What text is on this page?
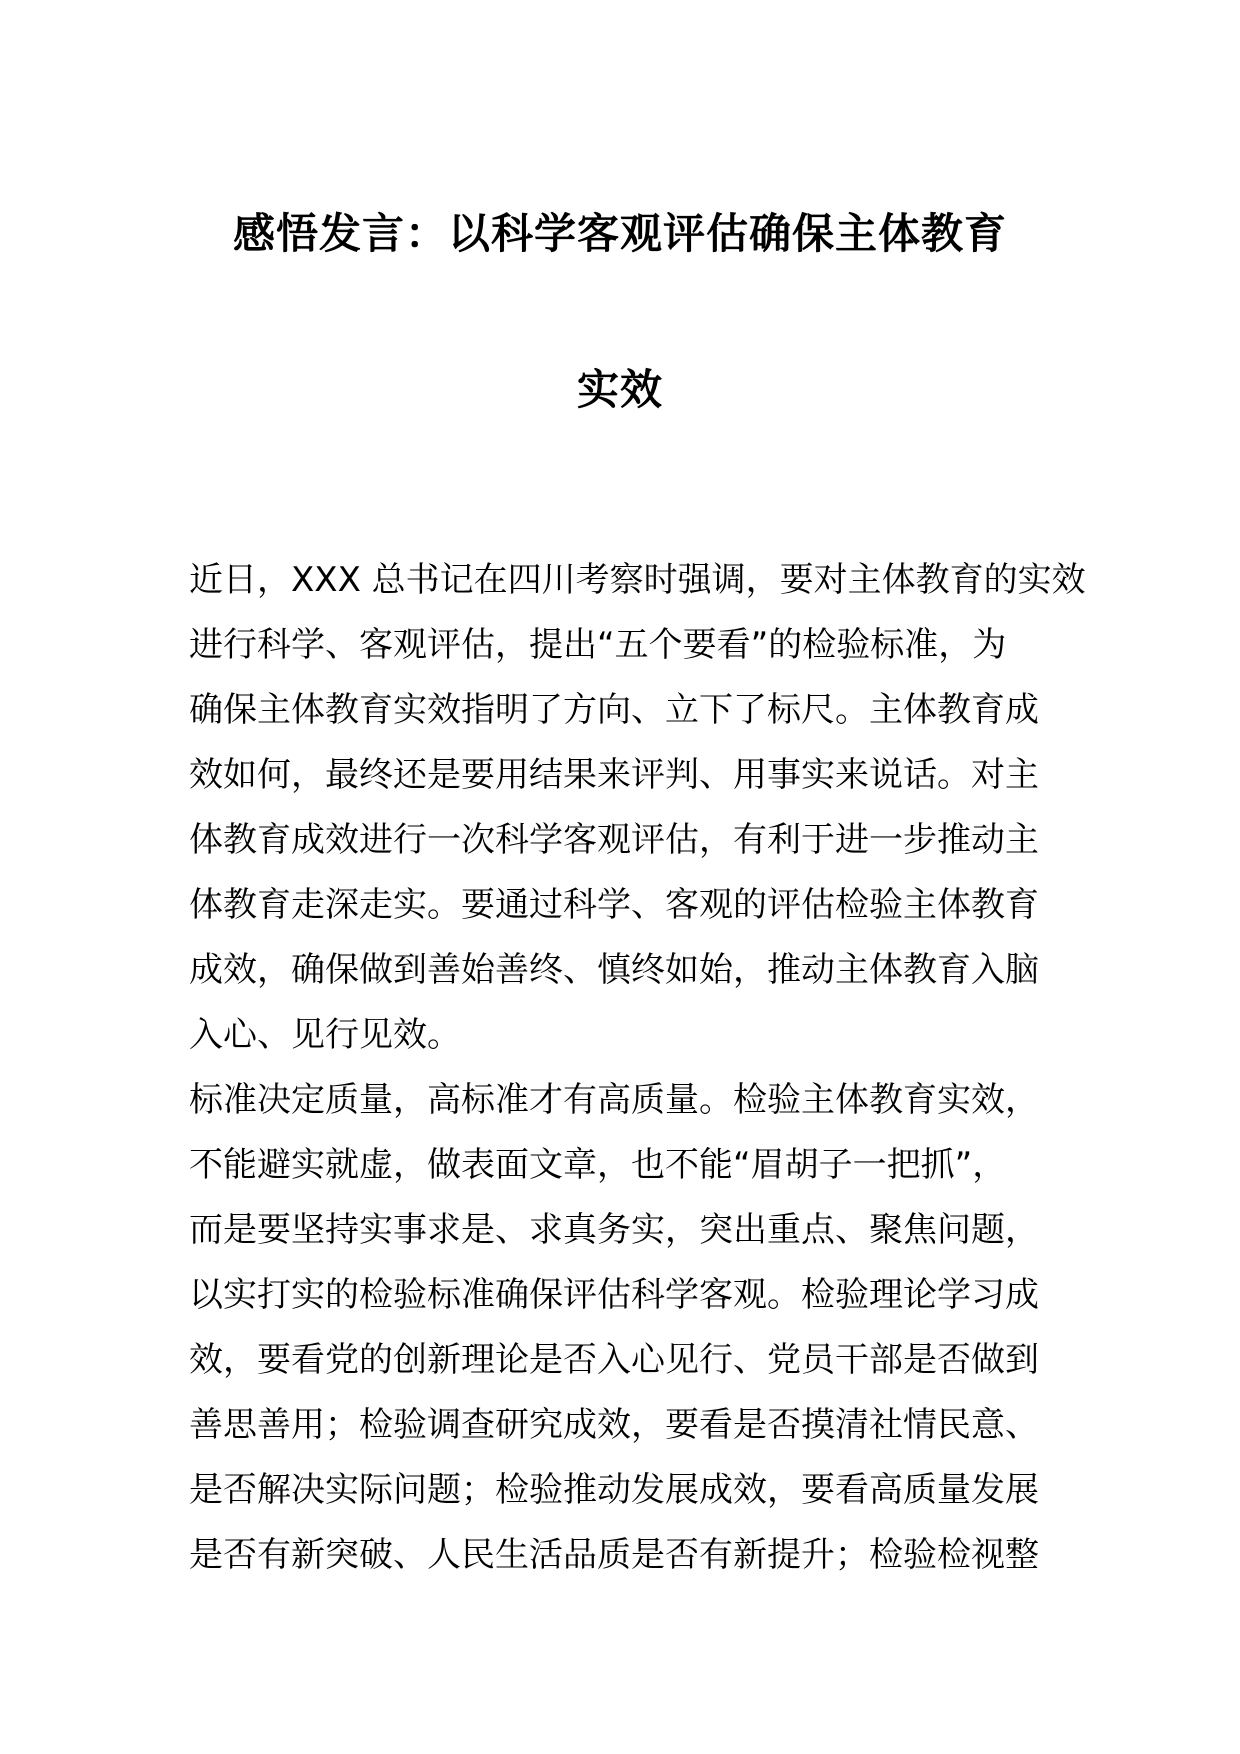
感悟发言：以科学客观评估确保主体教育
实效
近日，XXX 总书记在四川考察时强调，要对主体教育的实效
进行科学、客观评估，提出“五个要看”的检验标准，为
确保主体教育实效指明了方向、立下了标尺。主体教育成
效如何，最终还是要用结果来评判、用事实来说话。对主
体教育成效进行一次科学客观评估，有利于进一步推动主
体教育走深走实。要通过科学、客观的评估检验主体教育
成效，确保做到善始善终、慎终如始，推动主体教育入脑
入心、见行见效。
标准决定质量，高标准才有高质量。检验主体教育实效，
不能避实就虚，做表面文章，也不能“眉胡子一把抓”，
而是要坚持实事求是、求真务实，突出重点、聚焦问题，
以实打实的检验标准确保评估科学客观。检验理论学习成
效，要看党的创新理论是否入心见行、党员干部是否做到
善思善用；检验调查研究成效，要看是否摸清社情民意、
是否解决实际问题；检验推动发展成效，要看高质量发展
是否有新突破、人民生活品质是否有新提升；检验检视整
